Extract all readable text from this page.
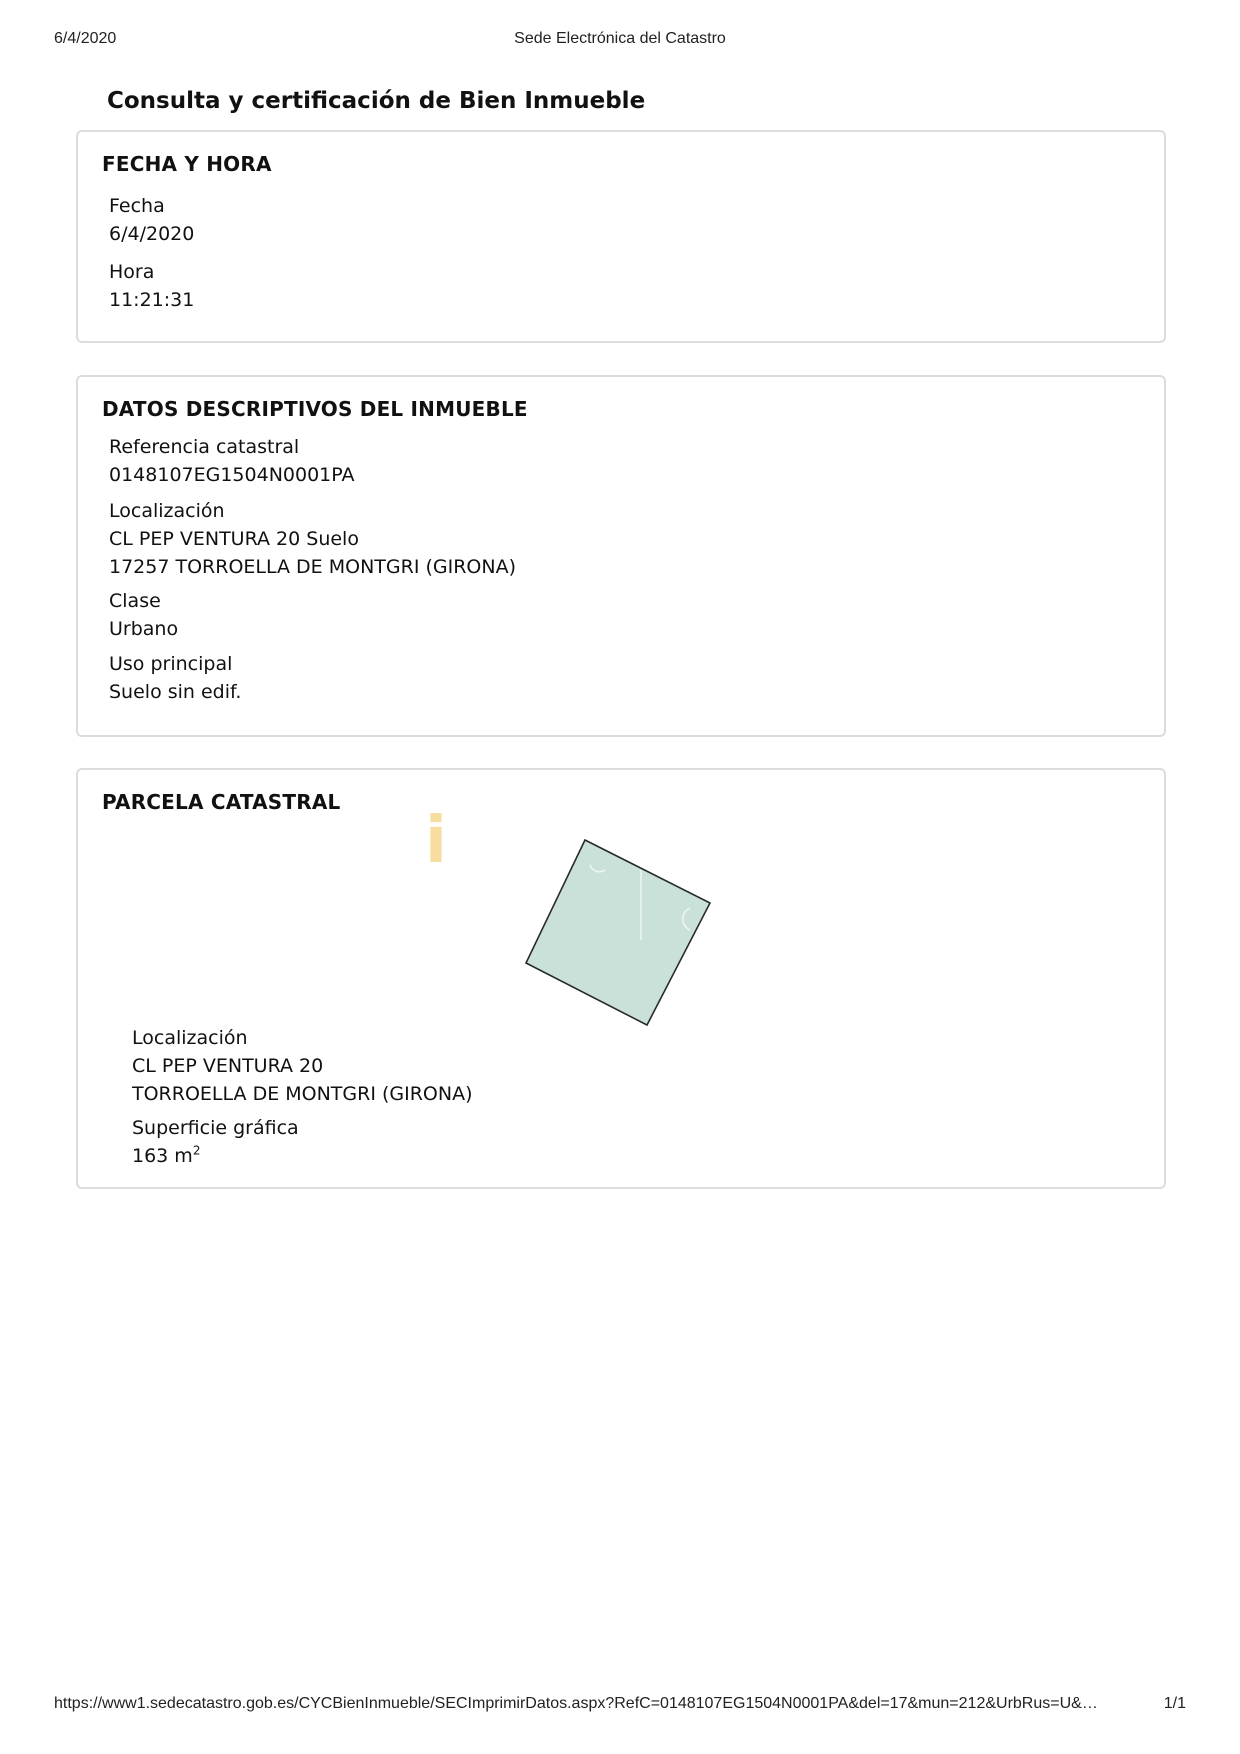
6/4/2020	Sede Electrónica del Catastro
Consulta y certificación de Bien Inmueble
FECHA Y HORA
Fecha
6/4/2020
Hora
11:21:31
DATOS DESCRIPTIVOS DEL INMUEBLE
Referencia catastral
0148107EG1504N0001PA
Localización
CL PEP VENTURA 20 Suelo
17257 TORROELLA DE MONTGRI (GIRONA)
Clase
Urbano
Uso principal
Suelo sin edif.
i
PARCELA CATASTRAL
Localización
CL PEP VENTURA 20
TORROELLA DE MONTGRI (GIRONA)
Superficie gráfica
163 $m^2$
https://www1.sedecatastro.gob.es/CYCBienInmueble/SECImprimirDatos.aspx?RefC=0148107EG1504N0001PA&del=17&mun=212&UrbRus=U&…	1/1
